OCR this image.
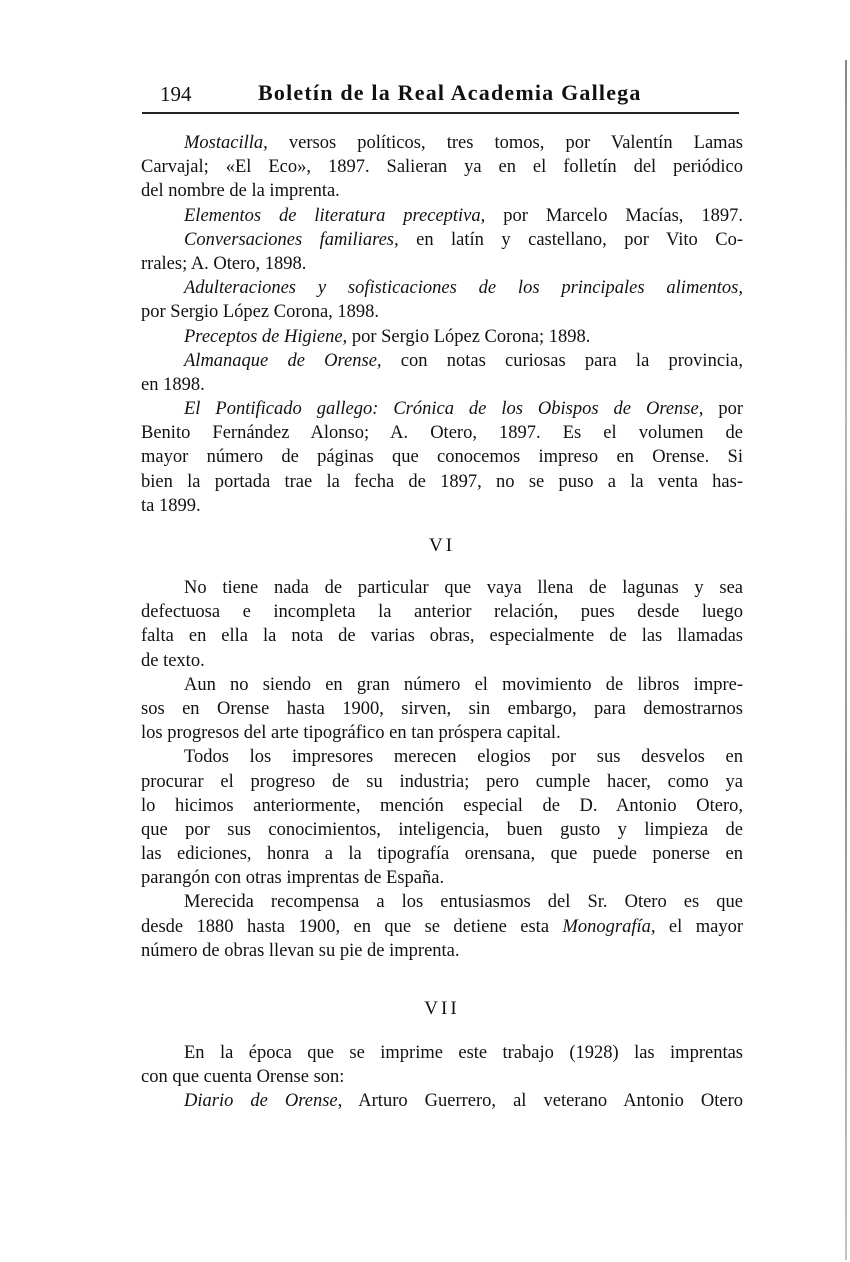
194	Boletín de la Real Academia Gallega
Mostacilla, versos políticos, tres tomos, por Valentín Lamas
Carvajal; «El Eco», 1897. Salieran ya en el folletín del periódico
del nombre de la imprenta.
Elementos de literatura preceptiva, por Marcelo Macías, 1897.
Conversaciones familiares, en latín y castellano, por Vito Co-
rrales; A. Otero, 1898.
Adulteraciones y sofisticaciones de los principales alimentos,
por Sergio López Corona, 1898.
Preceptos de Higiene, por Sergio López Corona; 1898.
Almanaque de Orense, con notas curiosas para la provincia,
en 1898.
El Pontificado gallego: Crónica de los Obispos de Orense, por
Benito Fernández Alonso; A. Otero, 1897. Es el volumen de
mayor número de páginas que conocemos impreso en Orense. Si
bien la portada trae la fecha de 1897, no se puso a la venta has-
ta 1899.
VI
No tiene nada de particular que vaya llena de lagunas y sea
defectuosa e incompleta la anterior relación, pues desde luego
falta en ella la nota de varias obras, especialmente de las llamadas
de texto.
Aun no siendo en gran número el movimiento de libros impre-
sos en Orense hasta 1900, sirven, sin embargo, para demostrarnos
los progresos del arte tipográfico en tan próspera capital.
Todos los impresores merecen elogios por sus desvelos en
procurar el progreso de su industria; pero cumple hacer, como ya
lo hicimos anteriormente, mención especial de D. Antonio Otero,
que por sus conocimientos, inteligencia, buen gusto y limpieza de
las ediciones, honra a la tipografía orensana, que puede ponerse en
parangón con otras imprentas de España.
Merecida recompensa a los entusiasmos del Sr. Otero es que
desde 1880 hasta 1900, en que se detiene esta Monografía, el mayor
número de obras llevan su pie de imprenta.
VII
En la época que se imprime este trabajo (1928) las imprentas
con que cuenta Orense son:
Diario de Orense, Arturo Guerrero, al veterano Antonio Otero
